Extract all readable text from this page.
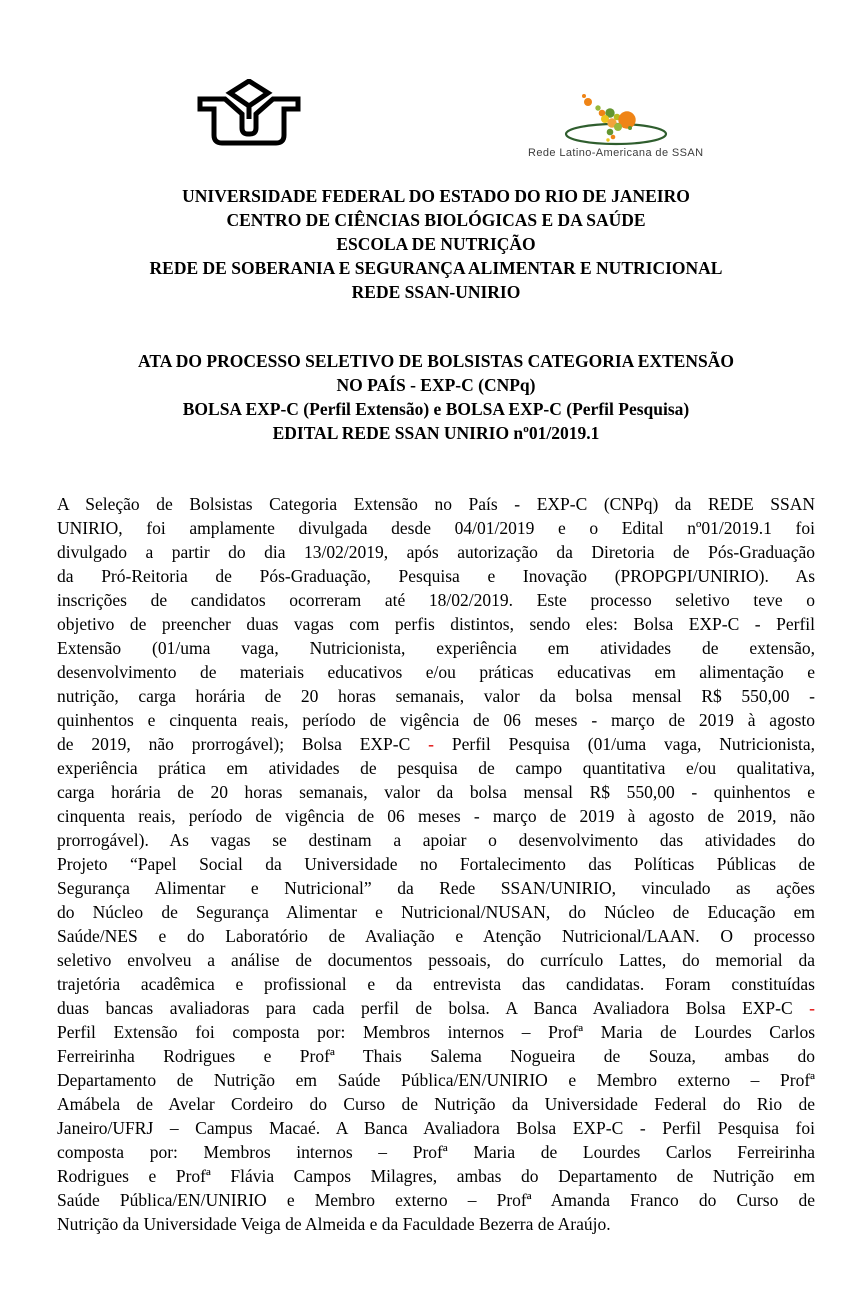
Rede Latino-Americana de SSAN
UNIVERSIDADE FEDERAL DO ESTADO DO RIO DE JANEIRO
CENTRO DE CIÊNCIAS BIOLÓGICAS E DA SAÚDE
ESCOLA DE NUTRIÇÃO
REDE DE SOBERANIA E SEGURANÇA ALIMENTAR E NUTRICIONAL
REDE SSAN-UNIRIO
ATA DO PROCESSO SELETIVO DE BOLSISTAS CATEGORIA EXTENSÃO
NO PAÍS - EXP-C (CNPq)
BOLSA EXP-C (Perfil Extensão) e BOLSA EXP-C (Perfil Pesquisa)
EDITAL REDE SSAN UNIRIO nº01/2019.1
A Seleção de Bolsistas Categoria Extensão no País - EXP-C (CNPq) da REDE SSAN
UNIRIO, foi amplamente divulgada desde 04/01/2019 e o Edital nº01/2019.1 foi
divulgado a partir do dia 13/02/2019, após autorização da Diretoria de Pós-Graduação
da Pró-Reitoria de Pós-Graduação, Pesquisa e Inovação (PROPGPI/UNIRIO). As
inscrições de candidatos ocorreram até 18/02/2019. Este processo seletivo teve o
objetivo de preencher duas vagas com perfis distintos, sendo eles: Bolsa EXP-C - Perfil
Extensão (01/uma vaga, Nutricionista, experiência em atividades de extensão,
desenvolvimento de materiais educativos e/ou práticas educativas em alimentação e
nutrição, carga horária de 20 horas semanais, valor da bolsa mensal R$ 550,00 -
quinhentos e cinquenta reais, período de vigência de 06 meses - março de 2019 à agosto
de 2019, não prorrogável); Bolsa EXP-C - Perfil Pesquisa (01/uma vaga, Nutricionista,
experiência prática em atividades de pesquisa de campo quantitativa e/ou qualitativa,
carga horária de 20 horas semanais, valor da bolsa mensal R$ 550,00 - quinhentos e
cinquenta reais, período de vigência de 06 meses - março de 2019 à agosto de 2019, não
prorrogável). As vagas se destinam a apoiar o desenvolvimento das atividades do
Projeto “Papel Social da Universidade no Fortalecimento das Políticas Públicas de
Segurança Alimentar e Nutricional” da Rede SSAN/UNIRIO, vinculado as ações
do Núcleo de Segurança Alimentar e Nutricional/NUSAN, do Núcleo de Educação em
Saúde/NES e do Laboratório de Avaliação e Atenção Nutricional/LAAN. O processo
seletivo envolveu a análise de documentos pessoais, do currículo Lattes, do memorial da
trajetória acadêmica e profissional e da entrevista das candidatas. Foram constituídas
duas bancas avaliadoras para cada perfil de bolsa. A Banca Avaliadora Bolsa EXP-C -
Perfil Extensão foi composta por: Membros internos – Profª Maria de Lourdes Carlos
Ferreirinha Rodrigues e Profª Thais Salema Nogueira de Souza, ambas do
Departamento de Nutrição em Saúde Pública/EN/UNIRIO e Membro externo – Profª
Amábela de Avelar Cordeiro do Curso de Nutrição da Universidade Federal do Rio de
Janeiro/UFRJ – Campus Macaé. A Banca Avaliadora Bolsa EXP-C - Perfil Pesquisa foi
composta por: Membros internos – Profª Maria de Lourdes Carlos Ferreirinha
Rodrigues e Profª Flávia Campos Milagres, ambas do Departamento de Nutrição em
Saúde Pública/EN/UNIRIO e Membro externo – Profª Amanda Franco do Curso de
Nutrição da Universidade Veiga de Almeida e da Faculdade Bezerra de Araújo.
